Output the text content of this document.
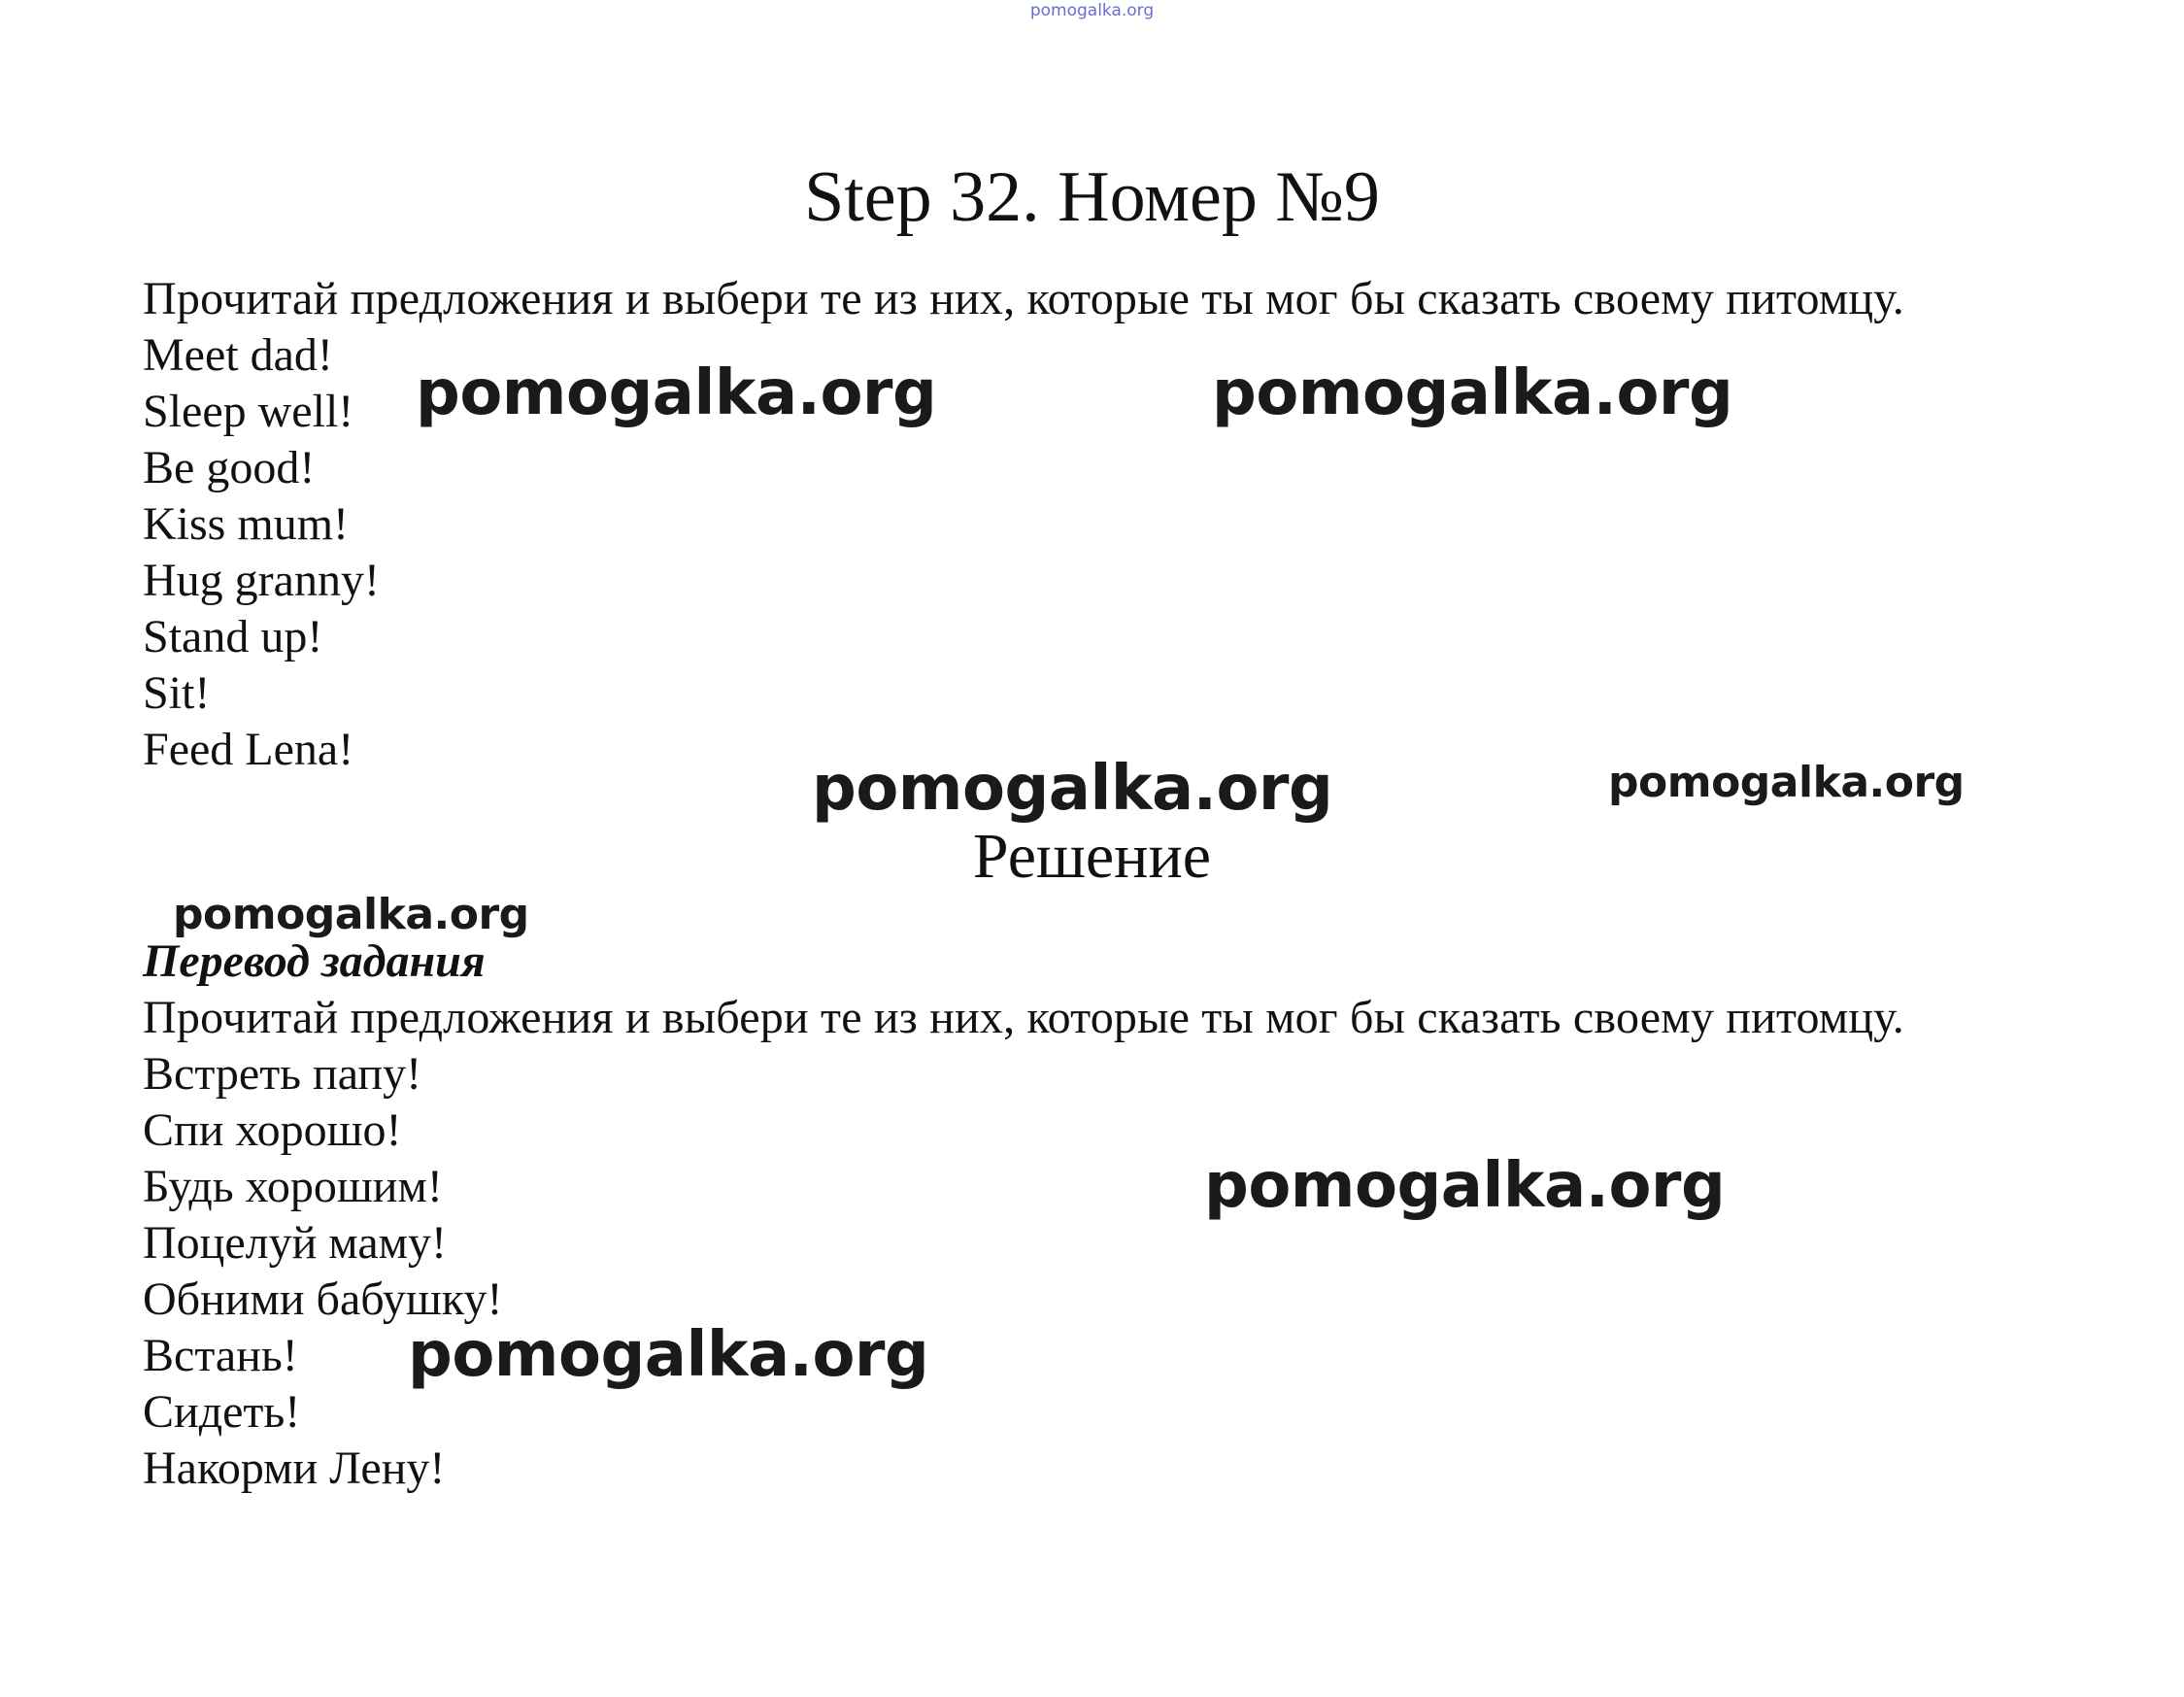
pomogalka.org
Step 32. Номер №9
Прочитай предложения и выбери те из них, которые ты мог бы сказать своему питомцу.
Meet dad!
Sleep well!
Be good!
Kiss mum!
Hug granny!
Stand up!
Sit!
Feed Lena!
Решение
Перевод задания
Прочитай предложения и выбери те из них, которые ты мог бы сказать своему питомцу.
Встреть папу!
Спи хорошо!
Будь хорошим!
Поцелуй маму!
Обними бабушку!
Встань!
Сидеть!
Накорми Лену!
pomogalka.org	pomogalka.org
pomogalka.org	pomogalka.org
pomogalka.org
pomogalka.org
pomogalka.org
